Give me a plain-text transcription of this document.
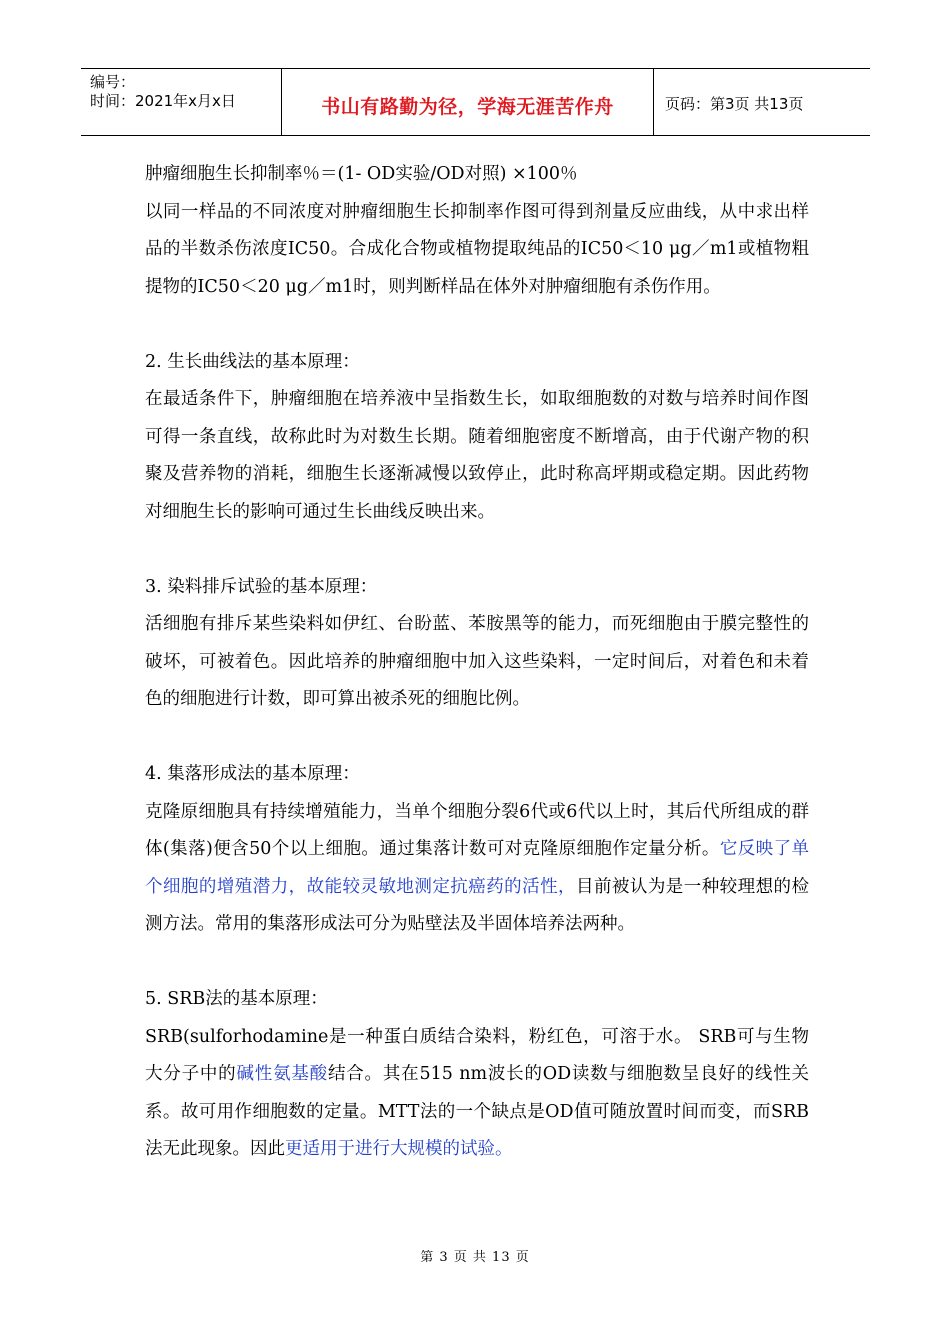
编号：
时间：2021年x月x日	书山有路勤为径，学海无涯苦作舟	页码：第3页 共13页

肿瘤细胞生长抑制率％＝(1- OD实验/OD对照) ×100％

以同一样品的不同浓度对肿瘤细胞生长抑制率作图可得到剂量反应曲线，从中求出样品的半数杀伤浓度IC50。合成化合物或植物提取纯品的IC50＜10 μg／m1或植物粗提物的IC50＜20 μg／m1时，则判断样品在体外对肿瘤细胞有杀伤作用。

2. 生长曲线法的基本原理：

在最适条件下，肿瘤细胞在培养液中呈指数生长，如取细胞数的对数与培养时间作图可得一条直线，故称此时为对数生长期。随着细胞密度不断增高，由于代谢产物的积聚及营养物的消耗，细胞生长逐渐减慢以致停止，此时称高坪期或稳定期。因此药物对细胞生长的影响可通过生长曲线反映出来。

3. 染料排斥试验的基本原理：

活细胞有排斥某些染料如伊红、台盼蓝、苯胺黑等的能力，而死细胞由于膜完整性的破坏，可被着色。因此培养的肿瘤细胞中加入这些染料，一定时间后，对着色和未着色的细胞进行计数，即可算出被杀死的细胞比例。

4. 集落形成法的基本原理：

克隆原细胞具有持续增殖能力，当单个细胞分裂6代或6代以上时，其后代所组成的群体(集落)便含50个以上细胞。通过集落计数可对克隆原细胞作定量分析。它反映了单个细胞的增殖潜力，故能较灵敏地测定抗癌药的活性，目前被认为是一种较理想的检测方法。常用的集落形成法可分为贴壁法及半固体培养法两种。

5. SRB法的基本原理：

SRB(sulforhodamine是一种蛋白质结合染料，粉红色，可溶于水。 SRB可与生物大分子中的碱性氨基酸结合。其在515 nm波长的OD读数与细胞数呈良好的线性关系。故可用作细胞数的定量。MTT法的一个缺点是OD值可随放置时间而变，而SRB法无此现象。因此更适用于进行大规模的试验。

第 3 页 共 13 页
